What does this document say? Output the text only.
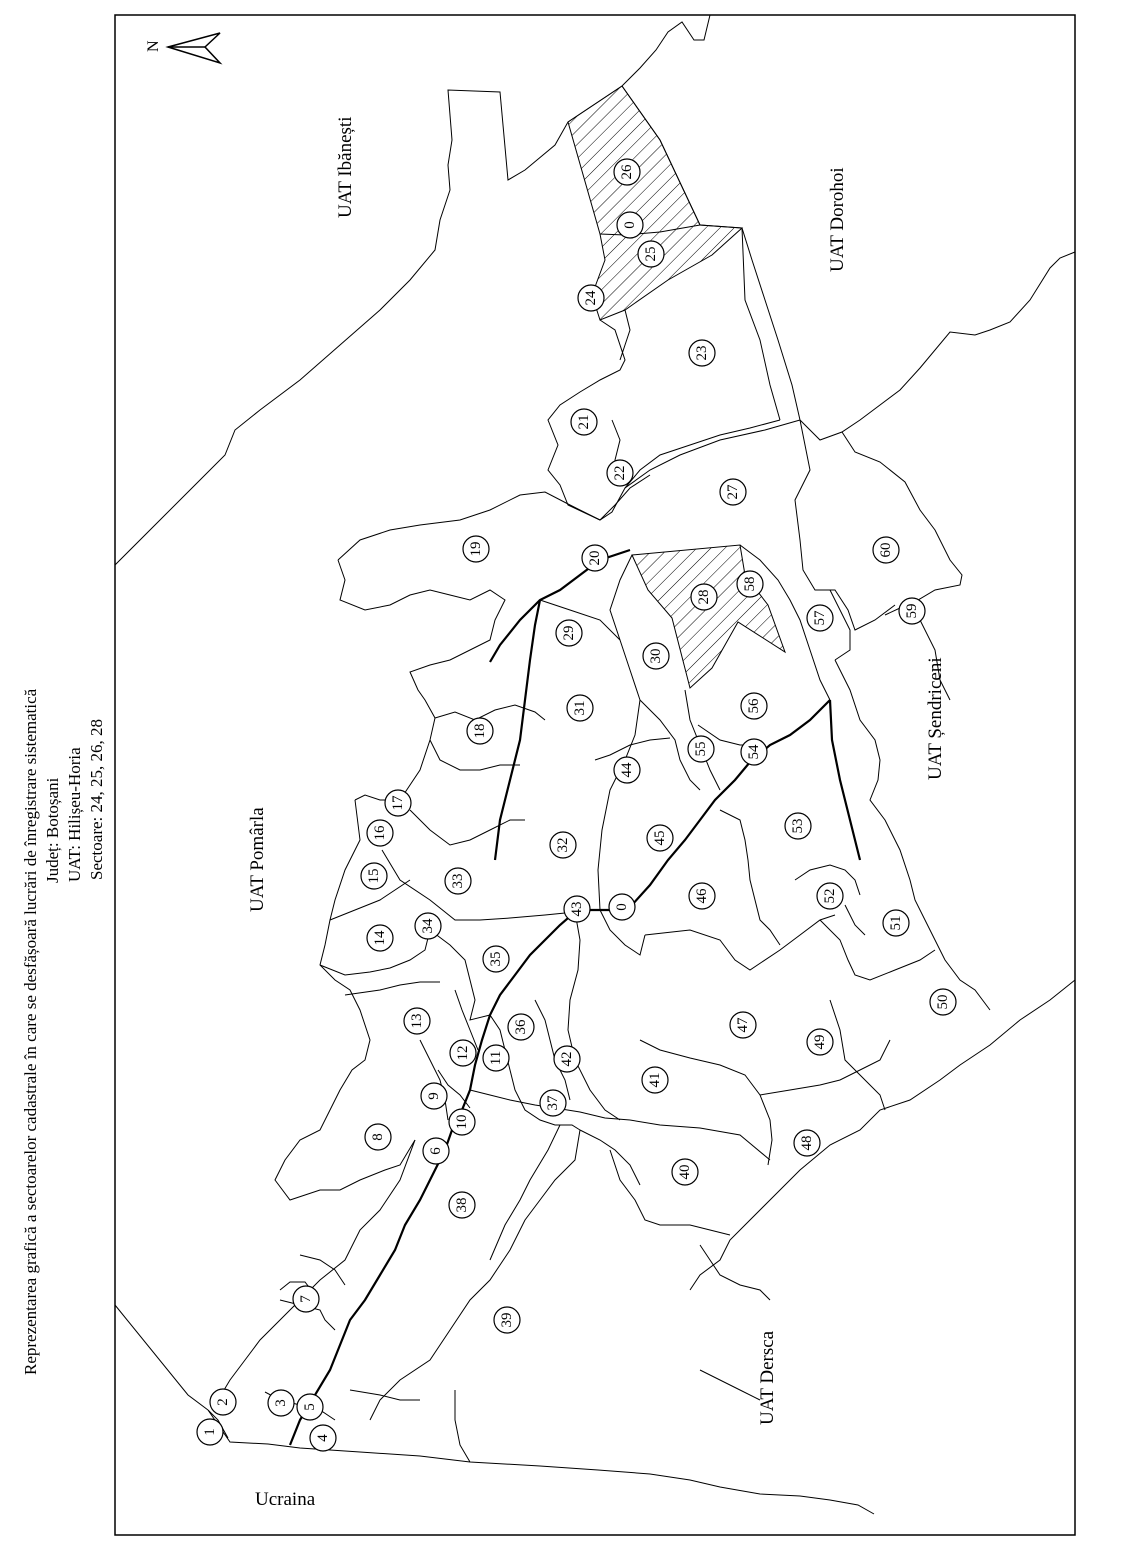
Reprezentarea grafică a sectoarelor cadastrale în care se desfășoară lucrări de înregistrare sistematică Județ: Botoșani UAT: Hilișeu-Horia Sectoare: 24, 25, 26, 28
N
UAT Ibănești
UAT Dorohoi
UAT Pomârla
UAT Șendriceni
UAT Dersca
Ucraina
1
2	3
4
5
6
7
8
9
10
11
12
13
14
15
16
17
18
19
20
21
22
23
24
25
26
0
27
28
29
30
31
32
33
34
35
36
37
38
39
40
41
42
43 0
44
45
46
47
48
49
50
51
52
53
54
55
56
57
58
59
60
